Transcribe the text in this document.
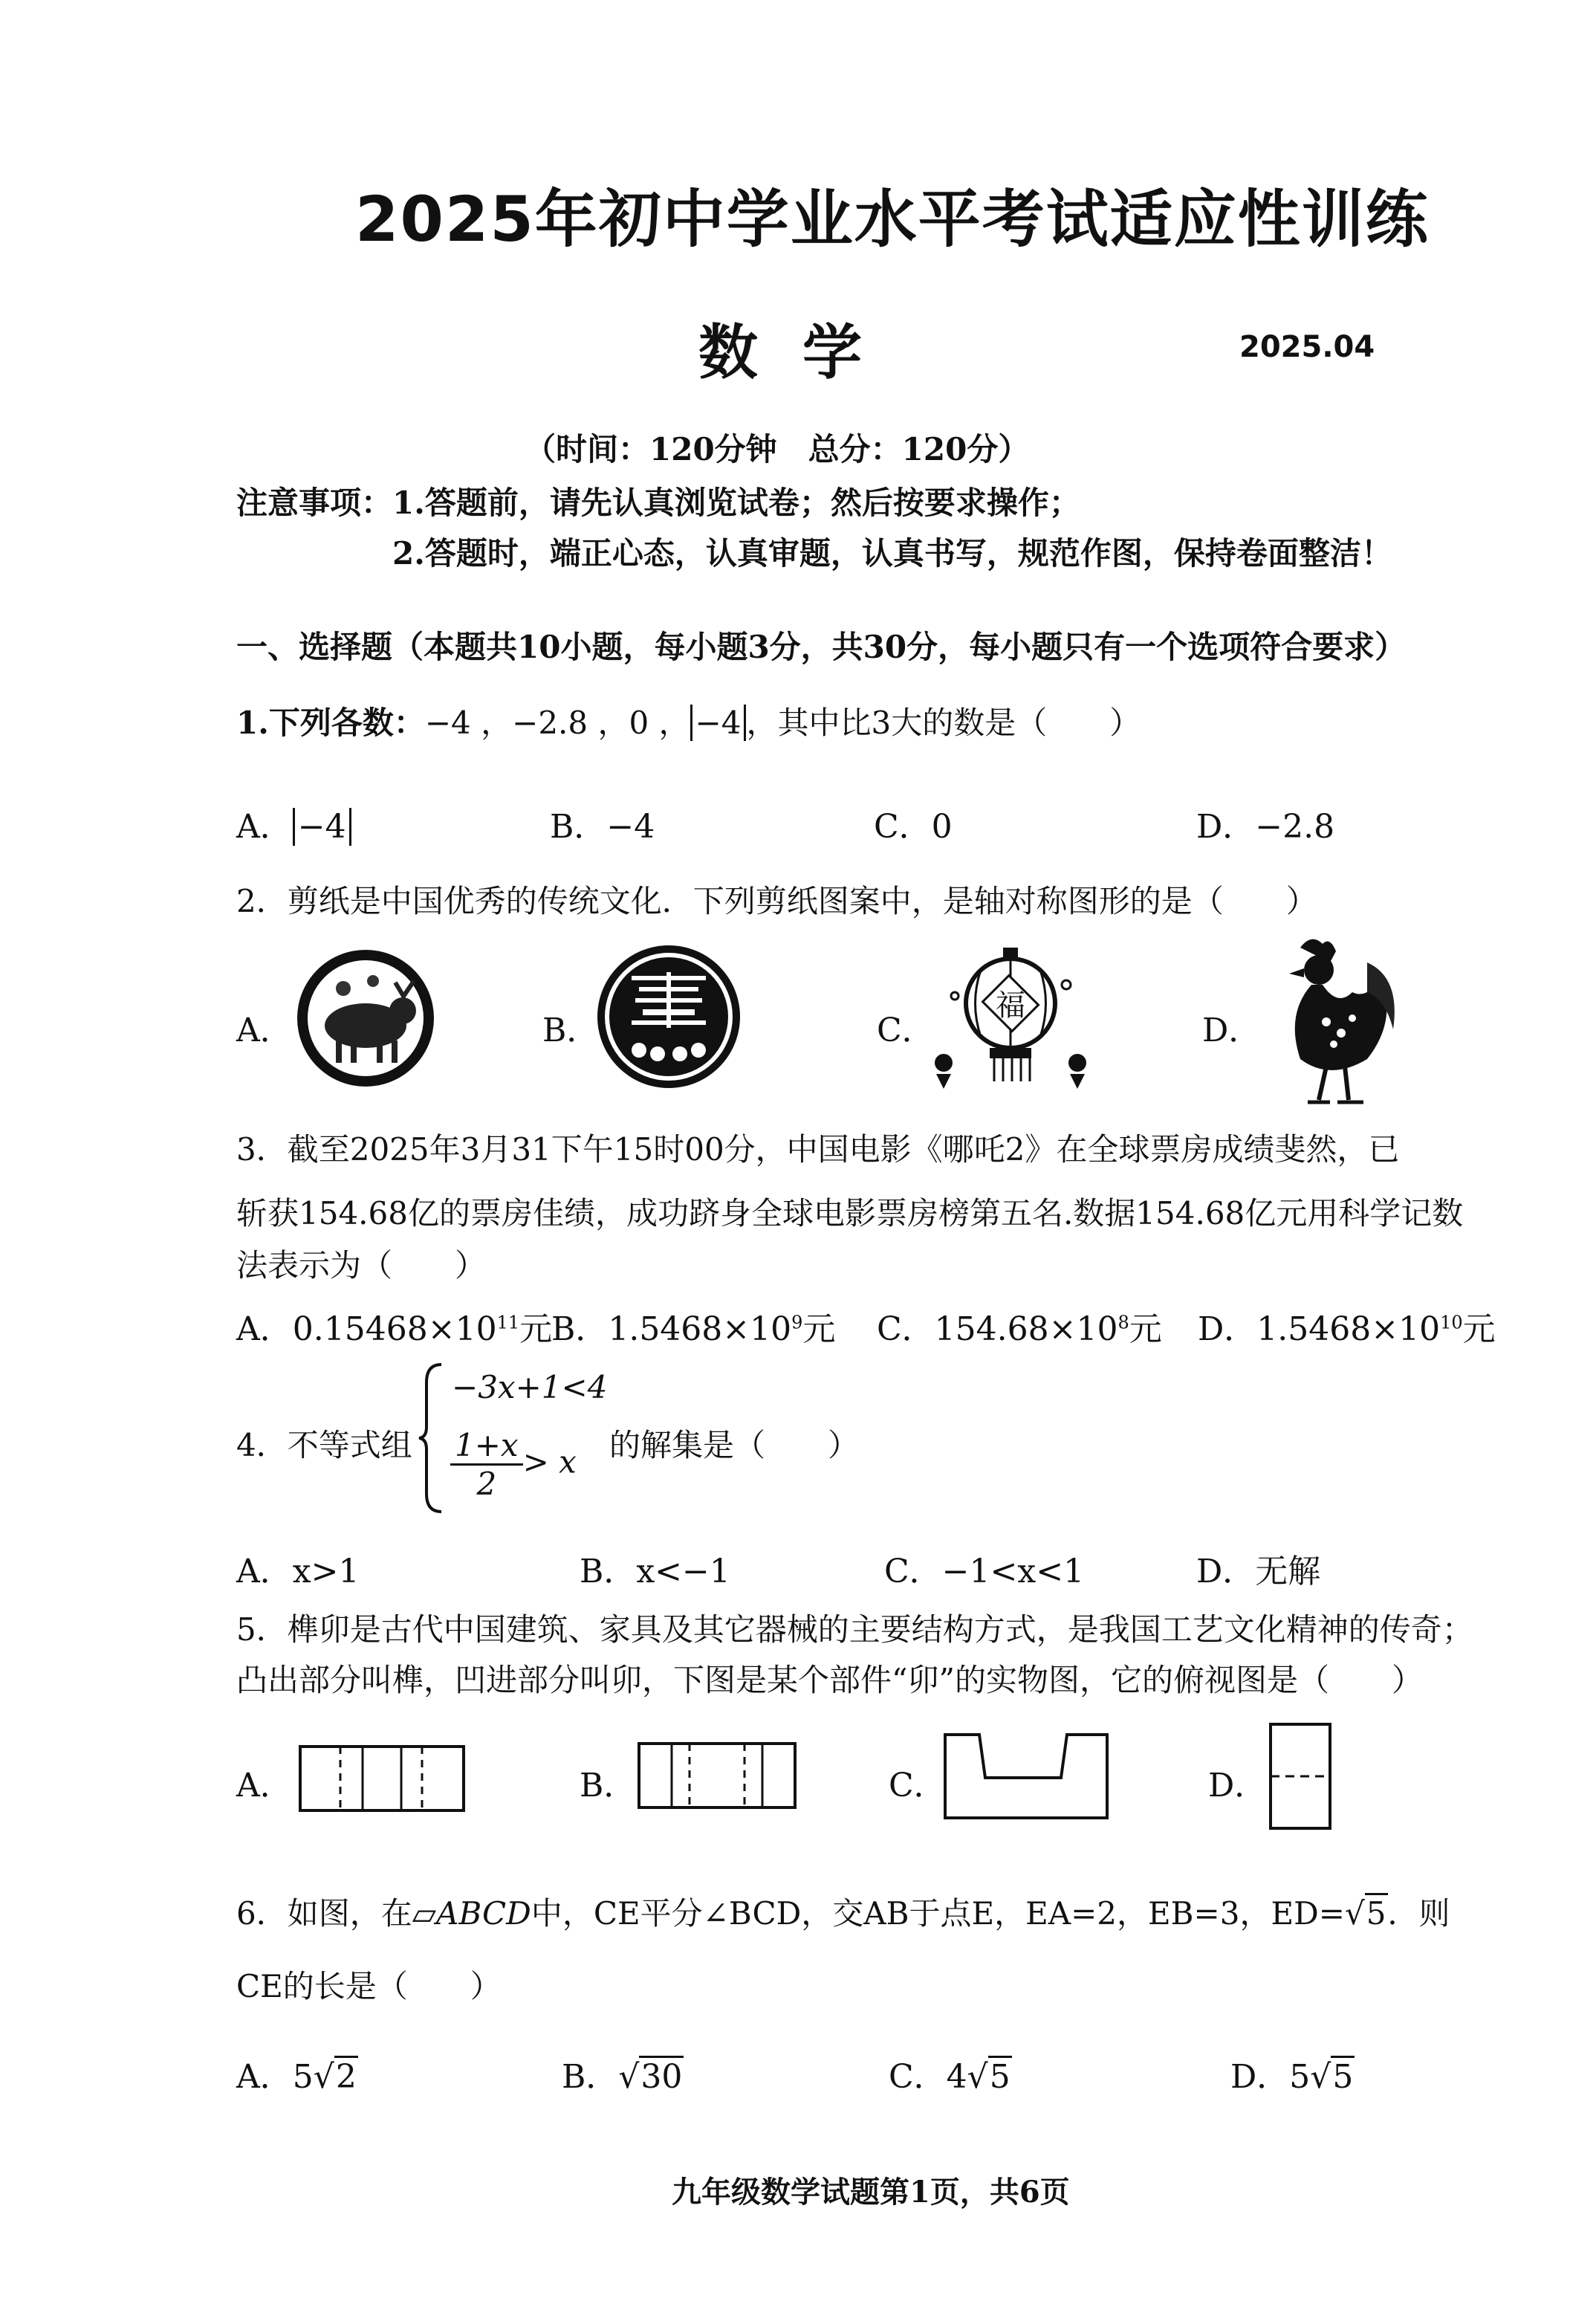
2025年初中学业水平考试适应性训练
数学	2025.04
（时间：120分钟　总分：120分）
注意事项： 1.答题前，请先认真浏览试卷；然后按要求操作；
2.答题时，端正心态，认真审题，认真书写，规范作图，保持卷面整洁！
一、选择题（本题共10小题，每小题3分，共30分，每小题只有一个选项符合要求）
1.下列各数：−4 ，−2.8 ，0 ， −4 ，其中比3大的数是（　　）
A． −4	B．−4	C．0	D．−2.8
2．剪纸是中国优秀的传统文化．下列剪纸图案中，是轴对称图形的是（　　）
A．	B．	C．	D．
福
3．截至2025年3月31下午15时00分，中国电影《哪吒2》在全球票房成绩斐然，已
斩获154.68亿的票房佳绩，成功跻身全球电影票房榜第五名.数据154.68亿元用科学记数
法表示为（　　）
A．$0.15468\times 10^{11}$元
B．$1.5468\times 10^9$元 C．$154.68\times 10^8$元 D．$1.5468\times 10^{10}$元
4．不等式组
−3x+1<4
$\frac{1+x}{2} > x$ 的解集是（　　）
A．x>1	B．x<−1	C．−1<x<1	D．无解
5．榫卯是古代中国建筑、家具及其它器械的主要结构方式，是我国工艺文化精神的传奇；
凸出部分叫榫，凹进部分叫卯，下图是某个部件“卯”的实物图，它的俯视图是（　　）
A．	B．	C．	D．
6．如图，在▱ABCD中，CE平分∠BCD，交AB于点E，EA=2，EB=3，ED=√5．则
CE的长是（　　）
A．5√2	B．√30	C．4√5	D．5√5
九年级数学试题第1页，共6页
